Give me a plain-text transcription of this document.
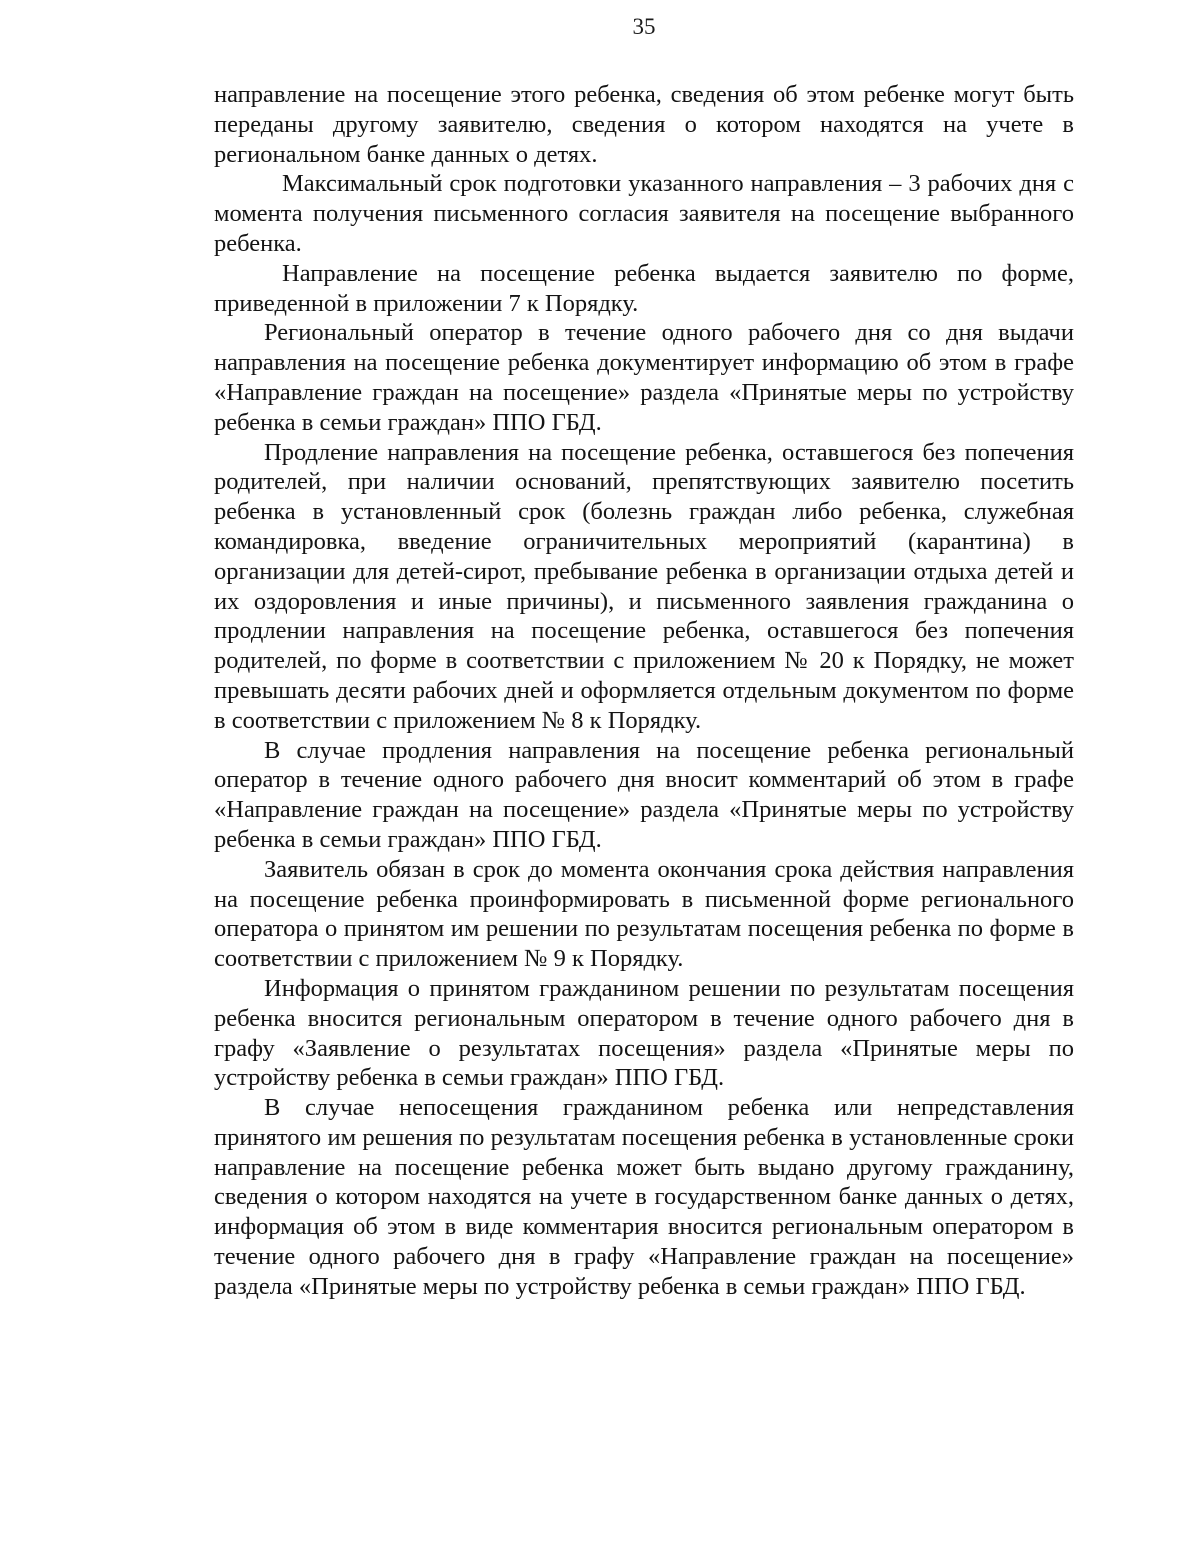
35

направление на посещение этого ребенка, сведения об этом ребенке могут быть переданы другому заявителю, сведения о котором находятся на учете в региональном банке данных о детях.

Максимальный срок подготовки указанного направления – 3 рабочих дня с момента получения письменного согласия заявителя на посещение выбранного ребенка.

Направление на посещение ребенка выдается заявителю по форме, приведенной в приложении 7 к Порядку.

Региональный оператор в течение одного рабочего дня со дня выдачи направления на посещение ребенка документирует информацию об этом в графе «Направление граждан на посещение» раздела «Принятые меры по устройству ребенка в семьи граждан» ППО ГБД.

Продление направления на посещение ребенка, оставшегося без попечения родителей, при наличии оснований, препятствующих заявителю посетить ребенка в установленный срок (болезнь граждан либо ребенка, служебная командировка, введение ограничительных мероприятий (карантина) в организации для детей-сирот, пребывание ребенка в организации отдыха детей и их оздоровления и иные причины), и письменного заявления гражданина о продлении направления на посещение ребенка, оставшегося без попечения родителей, по форме в соответствии с приложением № 20 к Порядку, не может превышать десяти рабочих дней и оформляется отдельным документом по форме в соответствии с приложением № 8 к Порядку.

В случае продления направления на посещение ребенка региональный оператор в течение одного рабочего дня вносит комментарий об этом в графе «Направление граждан на посещение» раздела «Принятые меры по устройству ребенка в семьи граждан» ППО ГБД.

Заявитель обязан в срок до момента окончания срока действия направления на посещение ребенка проинформировать в письменной форме регионального оператора о принятом им решении по результатам посещения ребенка по форме в соответствии с приложением № 9 к Порядку.

Информация о принятом гражданином решении по результатам посещения ребенка вносится региональным оператором в течение одного рабочего дня в графу «Заявление о результатах посещения» раздела «Принятые меры по устройству ребенка в семьи граждан» ППО ГБД.

В случае непосещения гражданином ребенка или непредставления принятого им решения по результатам посещения ребенка в установленные сроки направление на посещение ребенка может быть выдано другому гражданину, сведения о котором находятся на учете в государственном банке данных о детях, информация об этом в виде комментария вносится региональным оператором в течение одного рабочего дня в графу «Направление граждан на посещение» раздела «Принятые меры по устройству ребенка в семьи граждан» ППО ГБД.
